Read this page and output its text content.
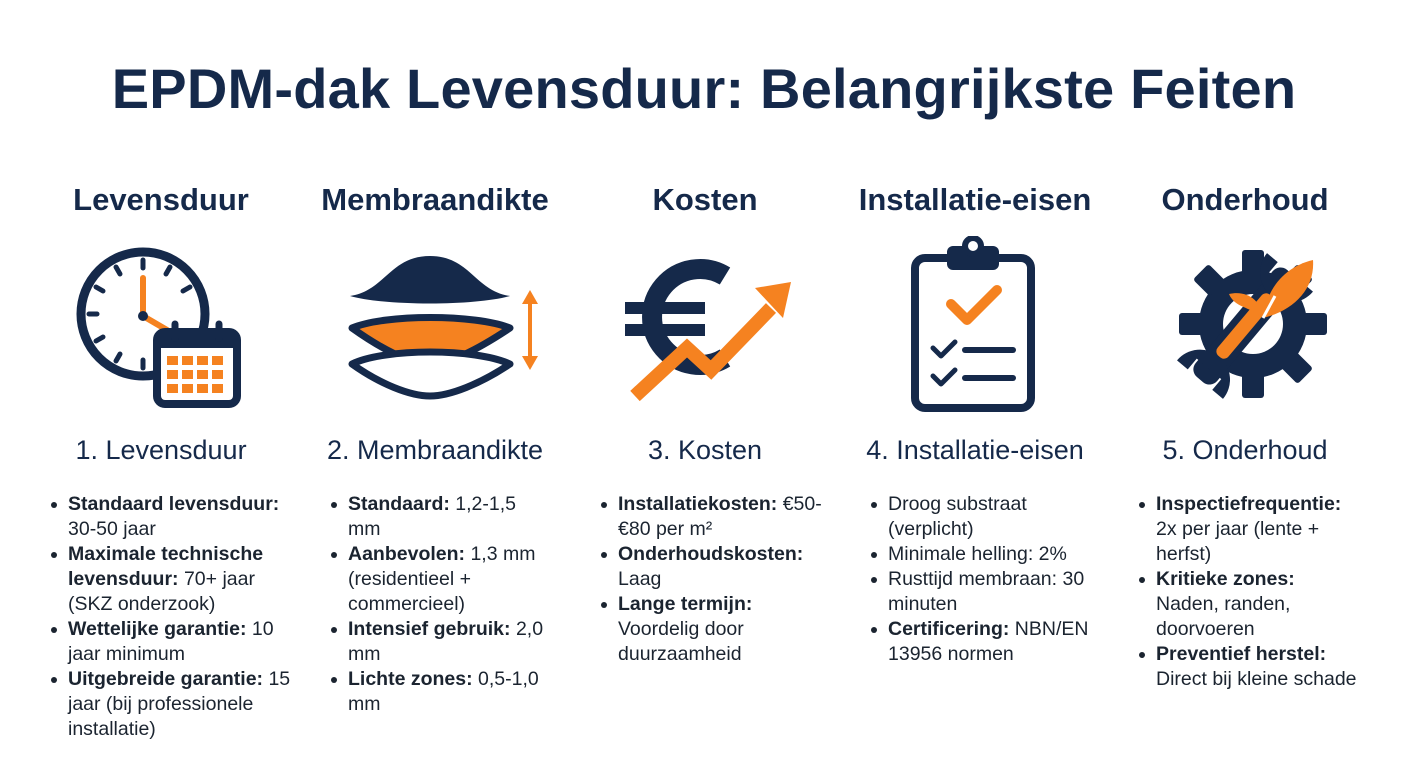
EPDM-dak Levensduur: Belangrijkste Feiten
Levensduur
1. Levensduur
Standaard levensduur: 30-50 jaar
Maximale technische levensduur: 70+ jaar (SKZ onderzook)
Wettelijke garantie: 10 jaar minimum
Uitgebreide garantie: 15 jaar (bij professionele installatie)
Membraandikte
2. Membraandikte
Standaard: 1,2-1,5 mm
Aanbevolen: 1,3 mm (residentieel + commercieel)
Intensief gebruik: 2,0 mm
Lichte zones: 0,5-1,0 mm
Kosten
3. Kosten
Installatiekosten: €50-€80 per m²
Onderhoudskosten: Laag
Lange termijn: Voordelig door duurzaamheid
Installatie-eisen
4. Installatie-eisen
Droog substraat (verplicht)
Minimale helling: 2%
Rusttijd membraan: 30 minuten
Certificering: NBN/EN 13956 normen
Onderhoud
5. Onderhoud
Inspectiefrequentie: 2x per jaar (lente + herfst)
Kritieke zones: Naden, randen, doorvoeren
Preventief herstel: Direct bij kleine schade
